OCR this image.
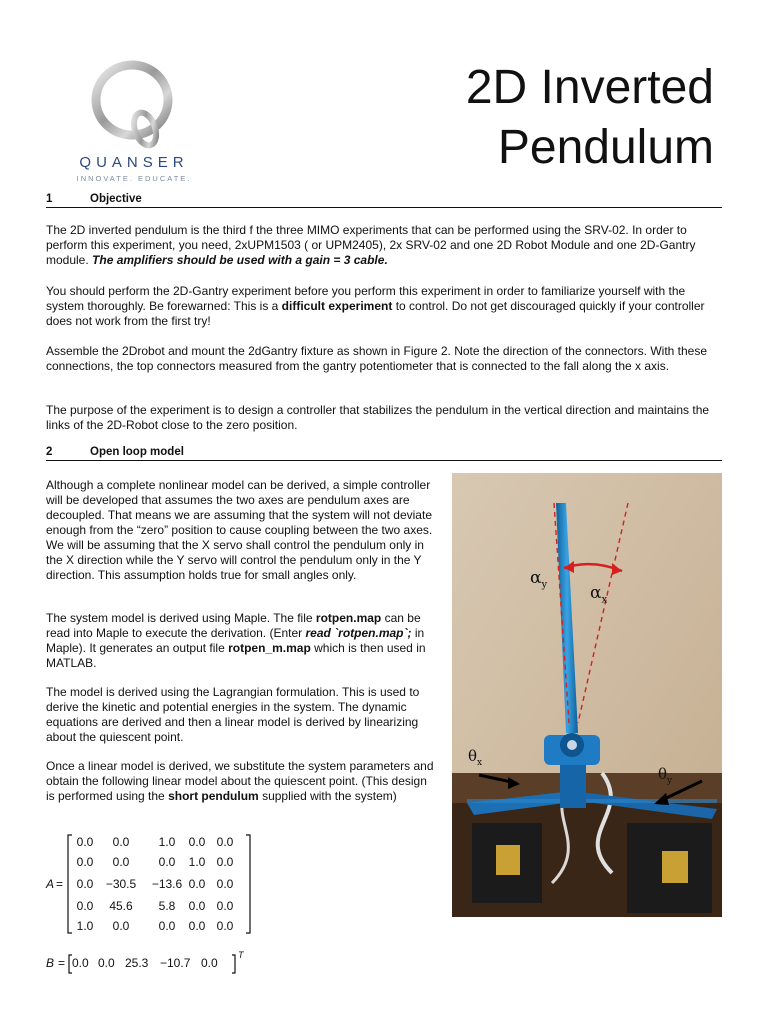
QUANSER
INNOVATE. EDUCATE.
2D Inverted
Pendulum
1	Objective

The 2D inverted pendulum is the third f the three MIMO experiments that can be performed using the SRV-02. In order to perform this experiment, you need, 2xUPM1503 ( or UPM2405), 2x SRV-02 and one 2D Robot Module and one 2D-Gantry module. The amplifiers should be used with a gain = 3 cable.

You should perform the 2D-Gantry experiment before you perform this experiment in order to familiarize yourself with the system thoroughly. Be forewarned: This is a difficult experiment to control. Do not get discouraged quickly if your controller does not work from the first try!

Assemble the 2Drobot and mount the 2dGantry fixture as shown in Figure 2. Note the direction of the connectors. With these connections, the top connectors measured from the gantry potentiometer that is connected to the fall along the x axis.

The purpose of the experiment is to design a controller that stabilizes the pendulum in the vertical direction and maintains the links of the 2D-Robot close to the zero position.

2	Open loop model

Although a complete nonlinear model can be derived, a simple controller will be developed that assumes the two axes are pendulum axes are decoupled. That means we are assuming that the system will not deviate enough from the “zero” position to cause coupling between the two axes. We will be assuming that the X servo shall control the pendulum only in the X direction while the Y servo will control the pendulum only in the Y direction. This assumption holds true for small angles only.

The system model is derived using Maple. The file rotpen.map can be read into Maple to execute the derivation. (Enter read `rotpen.map`; in Maple). It generates an output file rotpen_m.map which is then used in MATLAB.

The model is derived using the Lagrangian formulation. This is used to derive the kinetic and potential energies in the system. The dynamic equations are derived and then a linear model is derived by linearizing about the quiescent point.

Once a linear model is derived, we substitute the system parameters and obtain the following linear model about the quiescent point. (This design is performed using the short pendulum supplied with the system)

A =
0.0	0.0	1.0	0.0 0.0
0.0	0.0	0.0	1.0 0.0
0.0	−30.5 −13.6 0.0 0.0
0.0	45.6	5.8	0.0 0.0
1.0	0.0	0.0	0.0 0.0
B = 0.0 0.0 25.3 −10.7 0.0
T
$\alpha_y$	$\alpha_x$
$\theta_x$
$\theta_y$
